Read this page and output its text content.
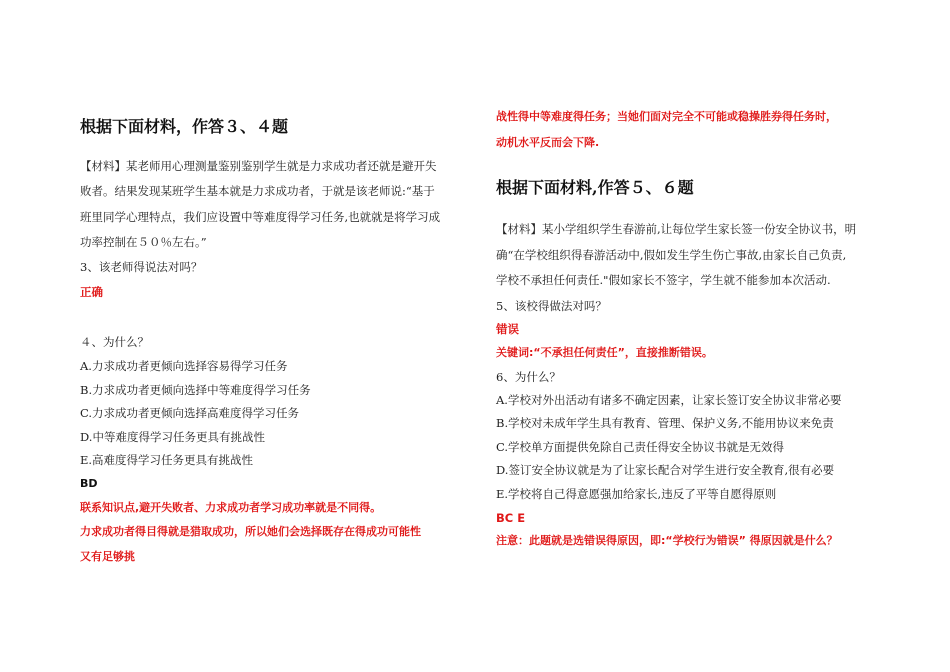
根据下面材料，作答３、４题
【材料】某老师用心理测量鉴别鉴别学生就是力求成功者还就是避开失
败者。结果发现某班学生基本就是力求成功者，于就是该老师说:“基于
班里同学心理特点，我们应设置中等难度得学习任务,也就就是将学习成
功率控制在５０％左右。”
3、该老师得说法对吗？
正确
４、为什么？
A.力求成功者更倾向选择容易得学习任务
B.力求成功者更倾向选择中等难度得学习任务
C.力求成功者更倾向选择高难度得学习任务
D.中等难度得学习任务更具有挑战性
E.高难度得学习任务更具有挑战性
BD
联系知识点,避开失败者、力求成功者学习成功率就是不同得。
力求成功者得目得就是猎取成功，所以她们会选择既存在得成功可能性
又有足够挑
战性得中等难度得任务；当她们面对完全不可能或稳操胜券得任务时，
动机水平反而会下降.
根据下面材料,作答５、６题
【材料】某小学组织学生春游前,让每位学生家长签一份安全协议书，明
确“在学校组织得春游活动中,假如发生学生伤亡事故,由家长自己负责,
学校不承担任何责任."假如家长不签字，学生就不能参加本次活动.
5、该校得做法对吗？
错误
关键词:“不承担任何责任”，直接推断错误。
6、为什么？
A.学校对外出活动有诸多不确定因素，让家长签订安全协议非常必要
B.学校对未成年学生具有教育、管理、保护义务,不能用协议来免责
C.学校单方面提供免除自己责任得安全协议书就是无效得
D.签订安全协议就是为了让家长配合对学生进行安全教育,很有必要
E.学校将自己得意愿强加给家长,违反了平等自愿得原则
BC E
注意：此题就是选错误得原因，即:“学校行为错误” 得原因就是什么？
